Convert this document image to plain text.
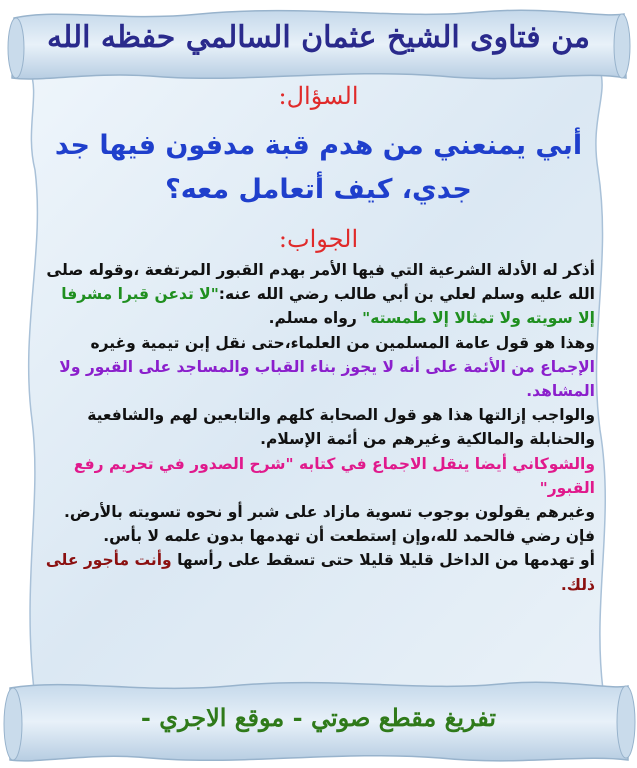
من فتاوى الشيخ عثمان السالمي حفظه الله
السؤال:
أبي يمنعني من هدم قبة مدفون فيها جد جدي، كيف أتعامل معه؟
الجواب:

أذكر له الأدلة الشرعية التي فيها الأمر بهدم القبور المرتفعة ،وقوله صلى الله عليه وسلم لعلي بن أبي طالب رضي الله عنه:"لا تدعن قبرا مشرفا إلا سويته ولا تمثالا إلا طمسته" رواه مسلم.

وهذا هو قول عامة المسلمين من العلماء،حتى نقل إبن تيمية وغيره الإجماع من الأئمة على أنه لا يجوز بناء القباب والمساجد على القبور ولا المشاهد.

والواجب إزالتها هذا هو قول الصحابة كلهم والتابعين لهم والشافعية والحنابلة والمالكية وغيرهم من أئمة الإسلام.

والشوكاني أيضا ينقل الاجماع في كتابه "شرح الصدور في تحريم رفع القبور"

وغيرهم يقولون بوجوب تسوية مازاد على شبر أو نحوه تسويته بالأرض.

فإن رضي فالحمد لله،وإن إستطعت أن تهدمها بدون علمه لا بأس.

أو تهدمها من الداخل قليلا قليلا حتى تسقط على رأسها وأنت مأجور على ذلك.

تفريغ مقطع صوتي - موقع الاجري -
